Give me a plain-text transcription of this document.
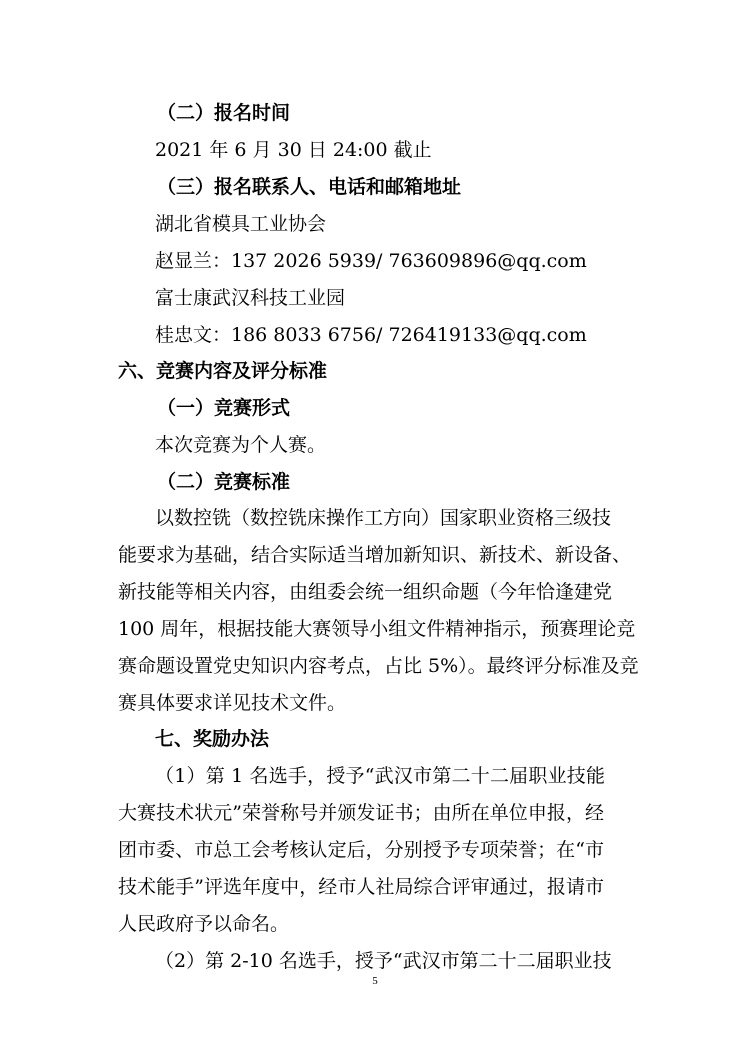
（二）报名时间
2021 年 6 月 30 日 24:00 截止
（三）报名联系人、电话和邮箱地址
湖北省模具工业协会
赵显兰：137 2026 5939/ 763609896@qq.com
富士康武汉科技工业园
桂忠文：186 8033 6756/ 726419133@qq.com
六、竞赛内容及评分标准
（一）竞赛形式
本次竞赛为个人赛。
（二）竞赛标准
以数控铣（数控铣床操作工方向）国家职业资格三级技
能要求为基础，结合实际适当增加新知识、新技术、新设备、
新技能等相关内容，由组委会统一组织命题（今年恰逢建党
100 周年，根据技能大赛领导小组文件精神指示，预赛理论竞
赛命题设置党史知识内容考点，占比 5%）。最终评分标准及竞
赛具体要求详见技术文件。
七、奖励办法
（1）第 1 名选手，授予“武汉市第二十二届职业技能
大赛技术状元”荣誉称号并颁发证书；由所在单位申报，经
团市委、市总工会考核认定后，分别授予专项荣誉；在“市
技术能手”评选年度中，经市人社局综合评审通过，报请市
人民政府予以命名。
（2）第 2-10 名选手，授予“武汉市第二十二届职业技
5
